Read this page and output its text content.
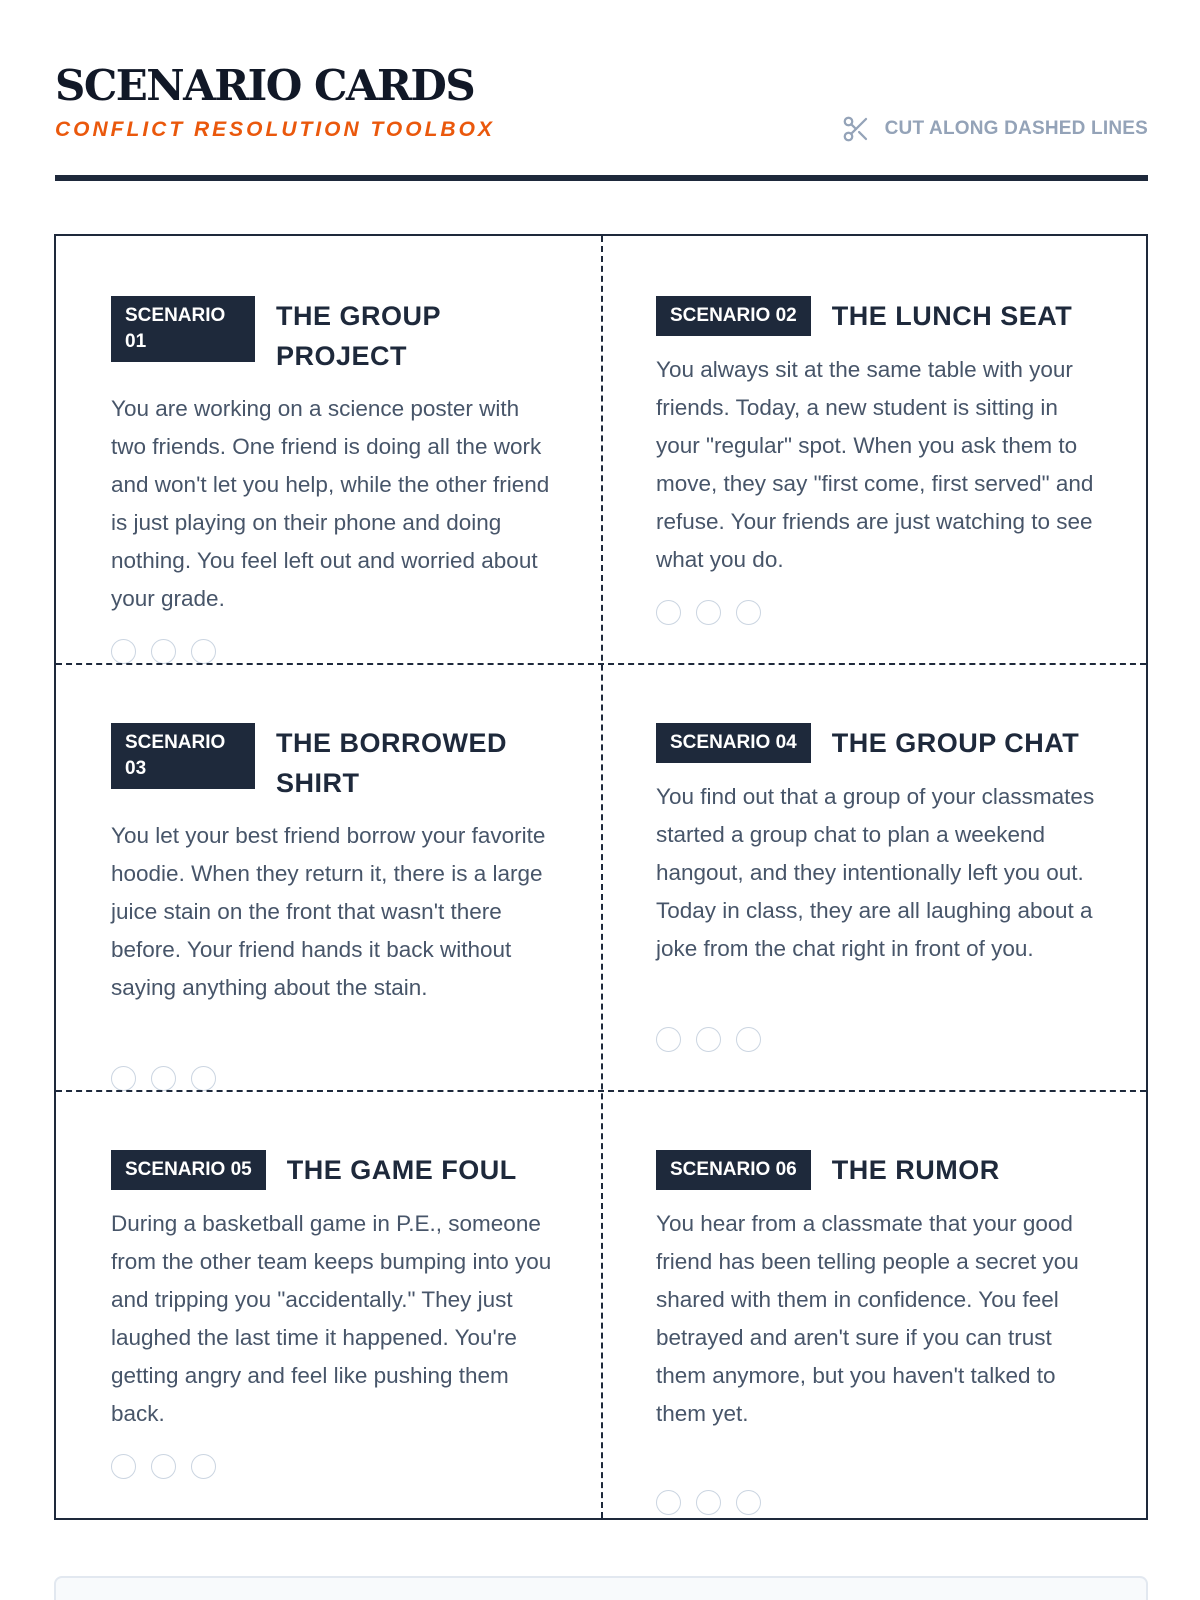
SCENARIO CARDS
CONFLICT RESOLUTION TOOLBOX	CUT ALONG DASHED LINES
SCENARIO 01
THE GROUP PROJECT
You are working on a science poster with two friends. One friend is doing all the work and won't let you help, while the other friend is just playing on their phone and doing nothing. You feel left out and worried about your grade.
SCENARIO 02	THE LUNCH SEAT
You always sit at the same table with your friends. Today, a new student is sitting in your "regular" spot. When you ask them to move, they say "first come, first served" and refuse. Your friends are just watching to see what you do.
SCENARIO 03
THE BORROWED SHIRT
You let your best friend borrow your favorite hoodie. When they return it, there is a large juice stain on the front that wasn't there before. Your friend hands it back without saying anything about the stain.
SCENARIO 04	THE GROUP CHAT
You find out that a group of your classmates started a group chat to plan a weekend hangout, and they intentionally left you out. Today in class, they are all laughing about a joke from the chat right in front of you.
SCENARIO 05	THE GAME FOUL
During a basketball game in P.E., someone from the other team keeps bumping into you and tripping you "accidentally." They just laughed the last time it happened. You're getting angry and feel like pushing them back.
SCENARIO 06	THE RUMOR
You hear from a classmate that your good friend has been telling people a secret you shared with them in confidence. You feel betrayed and aren't sure if you can trust them anymore, but you haven't talked to them yet.
